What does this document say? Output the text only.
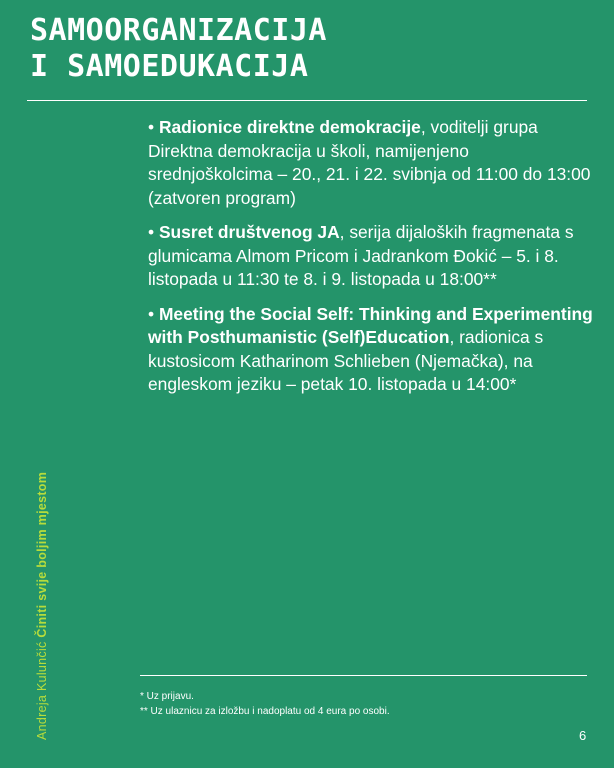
SAMOORGANIZACIJA
I SAMOEDUKACIJA

• Radionice direktne demokracije, voditelji grupa Direktna demokracija u školi, namijenjeno srednjoškolcima – 20., 21. i 22. svibnja od 11:00 do 13:00 (zatvoren program)

• Susret društvenog JA, serija dijaloških fragmenata s glumicama Almom Pricom i Jadrankom Đokić – 5. i 8. listopada u 11:30 te 8. i 9. listopada u 18:00**

• Meeting the Social Self: Thinking and Experimenting with Posthumanistic (Self)Education, radionica s kustosicom Katharinom Schlieben (Njemačka), na engleskom jeziku – petak 10. listopada u 14:00*

Andreja Kulunčić Činiti svije boljim mjestom
* Uz prijavu.
** Uz ulaznicu za izložbu i nadoplatu od 4 eura po osobi.
6
